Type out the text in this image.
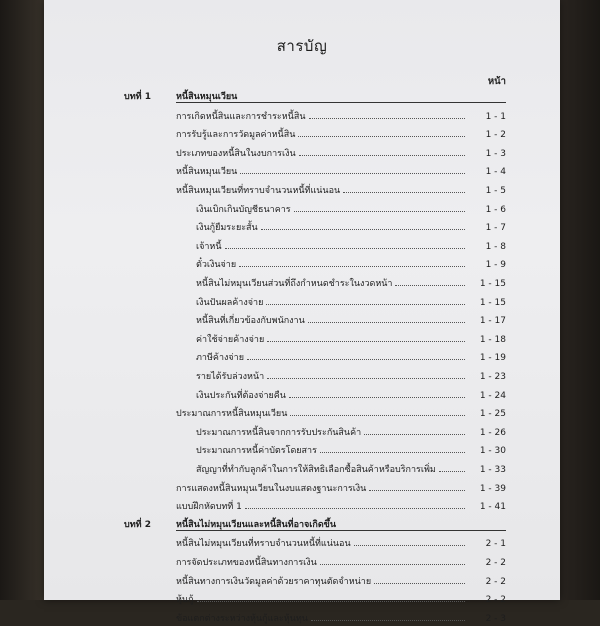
สารบัญ
หน้า
บทที่ 1	หนี้สินหมุนเวียน
การเกิดหนี้สินและการชำระหนี้สิน	1 - 1
การรับรู้และการวัดมูลค่าหนี้สิน	1 - 2
ประเภทของหนี้สินในงบการเงิน	1 - 3
หนี้สินหมุนเวียน	1 - 4
หนี้สินหมุนเวียนที่ทราบจำนวนหนี้ที่แน่นอน	1 - 5
เงินเบิกเกินบัญชีธนาคาร	1 - 6
เงินกู้ยืมระยะสั้น	1 - 7
เจ้าหนี้	1 - 8
ตั๋วเงินจ่าย	1 - 9
หนี้สินไม่หมุนเวียนส่วนที่ถึงกำหนดชำระในงวดหน้า	1 - 15
เงินปันผลค้างจ่าย	1 - 15
หนี้สินที่เกี่ยวข้องกับพนักงาน	1 - 17
ค่าใช้จ่ายค้างจ่าย	1 - 18
ภาษีค้างจ่าย	1 - 19
รายได้รับล่วงหน้า	1 - 23
เงินประกันที่ต้องจ่ายคืน	1 - 24
ประมาณการหนี้สินหมุนเวียน	1 - 25
ประมาณการหนี้สินจากการรับประกันสินค้า	1 - 26
ประมาณการหนี้ค่าบัตรโดยสาร	1 - 30
สัญญาที่ทำกับลูกค้าในการให้สิทธิเลือกซื้อสินค้าหรือบริการเพิ่ม	1 - 33
การแสดงหนี้สินหมุนเวียนในงบแสดงฐานะการเงิน	1 - 39
แบบฝึกหัดบทที่ 1	1 - 41
บทที่ 2	หนี้สินไม่หมุนเวียนและหนี้สินที่อาจเกิดขึ้น
หนี้สินไม่หมุนเวียนที่ทราบจำนวนหนี้ที่แน่นอน	2 - 1
การจัดประเภทของหนี้สินทางการเงิน	2 - 2
หนี้สินทางการเงินวัดมูลค่าด้วยราคาทุนตัดจำหน่าย	2 - 2
หุ้นกู้	2 - 2
ข้อแตกต่างระหว่างหุ้นกู้และหุ้นทุน	2 - 3
